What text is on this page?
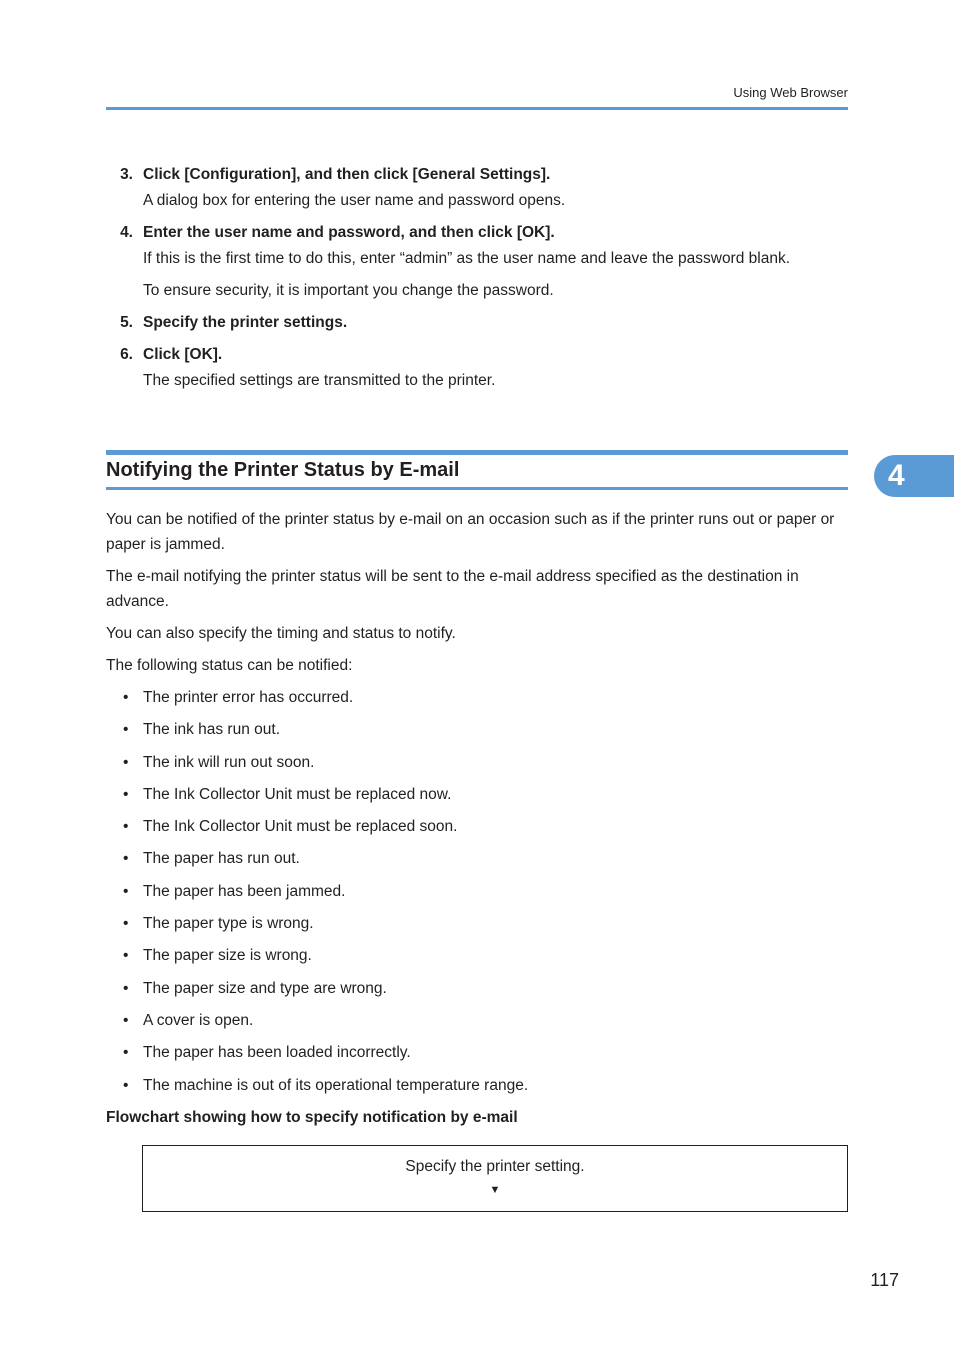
Using Web Browser
3. Click [Configuration], and then click [General Settings].
A dialog box for entering the user name and password opens.
4. Enter the user name and password, and then click [OK].
If this is the first time to do this, enter “admin” as the user name and leave the password blank.
To ensure security, it is important you change the password.
5. Specify the printer settings.
6. Click [OK].
The specified settings are transmitted to the printer.
Notifying the Printer Status by E-mail	4

You can be notified of the printer status by e-mail on an occasion such as if the printer runs out or paper or paper is jammed.

The e-mail notifying the printer status will be sent to the e-mail address specified as the destination in advance.

You can also specify the timing and status to notify.

The following status can be notified:

• The printer error has occurred.
• The ink has run out.
• The ink will run out soon.
• The Ink Collector Unit must be replaced now.
• The Ink Collector Unit must be replaced soon.
• The paper has run out.
• The paper has been jammed.
• The paper type is wrong.
• The paper size is wrong.
• The paper size and type are wrong.
• A cover is open.
• The paper has been loaded incorrectly.
• The machine is out of its operational temperature range.
Flowchart showing how to specify notification by e-mail
Specify the printer setting.
▼
117
